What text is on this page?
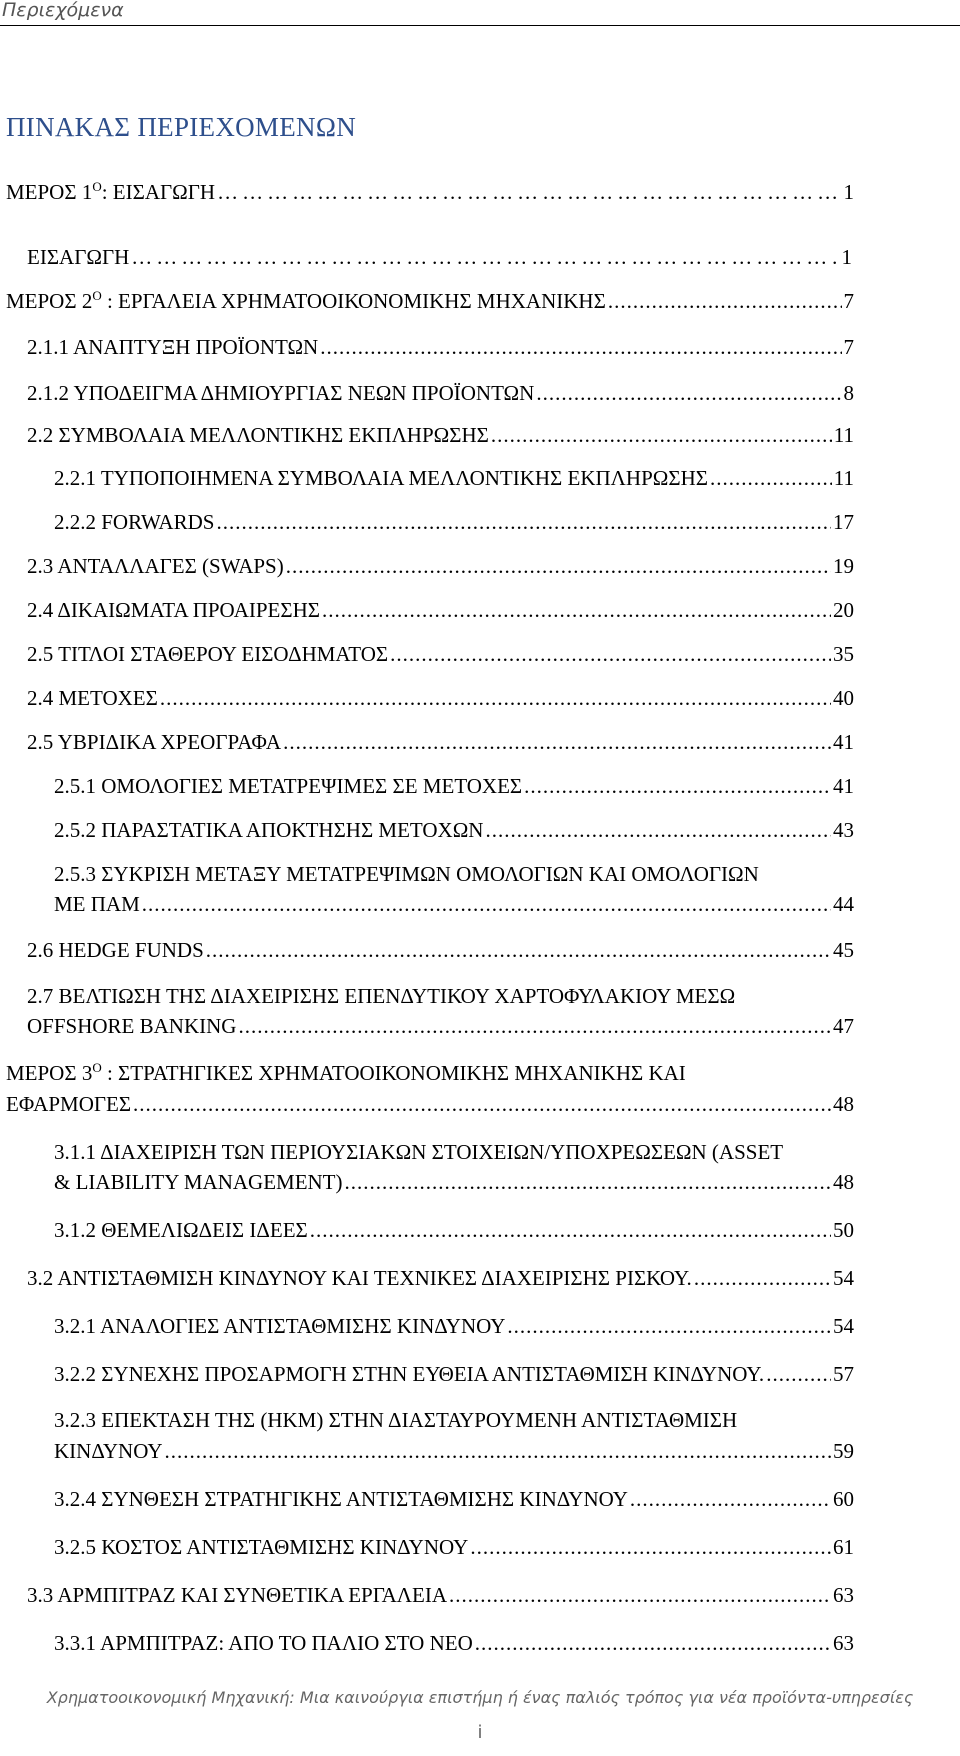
Περιεχόμενα
ΠΙΝΑΚΑΣ ΠΕΡΙΕΧΟΜΕΝΩΝ
ΜΕΡΟΣ $1^O$: ΕΙΣΑΓΩΓΗ ……………………………………………………………………………………………………………………	1
ΕΙΣΑΓΩΓΗ ……………………………………………………………………………………………………………………	1
ΜΕΡΟΣ $2^O$ : ΕΡΓΑΛΕΙΑ ΧΡΗΜΑΤΟΟΙΚΟΝΟΜΙΚΗΣ ΜΗΧΑΝΙΚΗΣ .....	7
2.1.1 ΑΝΑΠΤΥΞΗ ΠΡΟΪΟΝΤΩΝ .....	7
2.1.2 ΥΠΟΔΕΙΓΜΑ ΔΗΜΙΟΥΡΓΙΑΣ ΝΕΩΝ ΠΡΟΪΟΝΤΩΝ .....	8
2.2 ΣΥΜΒΟΛΑΙΑ ΜΕΛΛΟΝΤΙΚΗΣ ΕΚΠΛΗΡΩΣΗΣ .....	11
2.2.1 ΤΥΠΟΠΟΙΗΜΕΝΑ ΣΥΜΒΟΛΑΙΑ ΜΕΛΛΟΝΤΙΚΗΣ ΕΚΠΛΗΡΩΣΗΣ .....	11
2.2.2 FORWARDS .....	17
2.3 ΑΝΤΑΛΛΑΓΕΣ (SWAPS) .....	19
2.4 ΔΙΚΑΙΩΜΑΤΑ ΠΡΟΑΙΡΕΣΗΣ .....	20
2.5 ΤΙΤΛΟΙ ΣΤΑΘΕΡΟΥ ΕΙΣΟΔΗΜΑΤΟΣ .....	35
2.4 ΜΕΤΟΧΕΣ .....	40
2.5 ΥΒΡΙΔΙΚΑ ΧΡΕΟΓΡΑΦΑ .....	41
2.5.1 ΟΜΟΛΟΓΙΕΣ ΜΕΤΑΤΡΕΨΙΜΕΣ ΣΕ ΜΕΤΟΧΕΣ .....	41
2.5.2 ΠΑΡΑΣΤΑΤΙΚΑ ΑΠΟΚΤΗΣΗΣ ΜΕΤΟΧΩΝ .....	43
2.5.3 ΣΥΚΡΙΣΗ ΜΕΤΑΞΥ ΜΕΤΑΤΡΕΨΙΜΩΝ ΟΜΟΛΟΓΙΩΝ ΚΑΙ ΟΜΟΛΟΓΙΩΝ
ΜΕ ΠΑΜ .....	44
2.6 HEDGE FUNDS .....	45
2.7 ΒΕΛΤΙΩΣΗ ΤΗΣ ΔΙΑΧΕΙΡΙΣΗΣ ΕΠΕΝΔΥΤΙΚΟΥ ΧΑΡΤΟΦΥΛΑΚΙΟΥ ΜΕΣΩ
OFFSHORE BANKING .....	47
ΜΕΡΟΣ $3^O$ : ΣΤΡΑΤΗΓΙΚΕΣ ΧΡΗΜΑΤΟΟΙΚΟΝΟΜΙΚΗΣ ΜΗΧΑΝΙΚΗΣ ΚΑΙ
ΕΦΑΡΜΟΓΕΣ .....	48
3.1.1 ΔΙΑΧΕΙΡΙΣΗ ΤΩΝ ΠΕΡΙΟΥΣΙΑΚΩΝ ΣΤΟΙΧΕΙΩΝ/ΥΠΟΧΡΕΩΣΕΩΝ (ASSET
& LIABILITY MANAGEMENT) .....	48
3.1.2 ΘΕΜΕΛΙΩΔΕΙΣ ΙΔΕΕΣ .....	50
3.2 ΑΝΤΙΣΤΑΘΜΙΣΗ ΚΙΝΔΥΝΟΥ ΚΑΙ ΤΕΧΝΙΚΕΣ ΔΙΑΧΕΙΡΙΣΗΣ ΡΙΣΚΟΥ. .....	54
3.2.1 ΑΝΑΛΟΓΙΕΣ ΑΝΤΙΣΤΑΘΜΙΣΗΣ ΚΙΝΔΥΝΟΥ .....	54
3.2.2 ΣΥΝΕΧΗΣ ΠΡΟΣΑΡΜΟΓΗ ΣΤΗΝ ΕΥΘΕΙΑ ΑΝΤΙΣΤΑΘΜΙΣΗ ΚΙΝΔΥΝΟΥ. .....	57
3.2.3 ΕΠΕΚΤΑΣΗ ΤΗΣ (ΗΚΜ) ΣΤΗΝ ΔΙΑΣΤΑΥΡΟΥΜΕΝΗ ΑΝΤΙΣΤΑΘΜΙΣΗ
ΚΙΝΔΥΝΟΥ .....	59
3.2.4 ΣΥΝΘΕΣΗ ΣΤΡΑΤΗΓΙΚΗΣ ΑΝΤΙΣΤΑΘΜΙΣΗΣ ΚΙΝΔΥΝΟΥ .....	60
3.2.5 ΚΟΣΤΟΣ ΑΝΤΙΣΤΑΘΜΙΣΗΣ ΚΙΝΔΥΝΟΥ .....	61
3.3 ΑΡΜΠΙΤΡΑΖ ΚΑΙ ΣΥΝΘΕΤΙΚΑ ΕΡΓΑΛΕΙΑ .....	63
3.3.1 ΑΡΜΠΙΤΡΑΖ: ΑΠΟ ΤΟ ΠΑΛΙΟ ΣΤΟ ΝΕΟ .....	63
Χρηματοοικονομική Μηχανική: Μια καινούργια επιστήμη ή ένας παλιός τρόπος για νέα προϊόντα-υπηρεσίες
i
